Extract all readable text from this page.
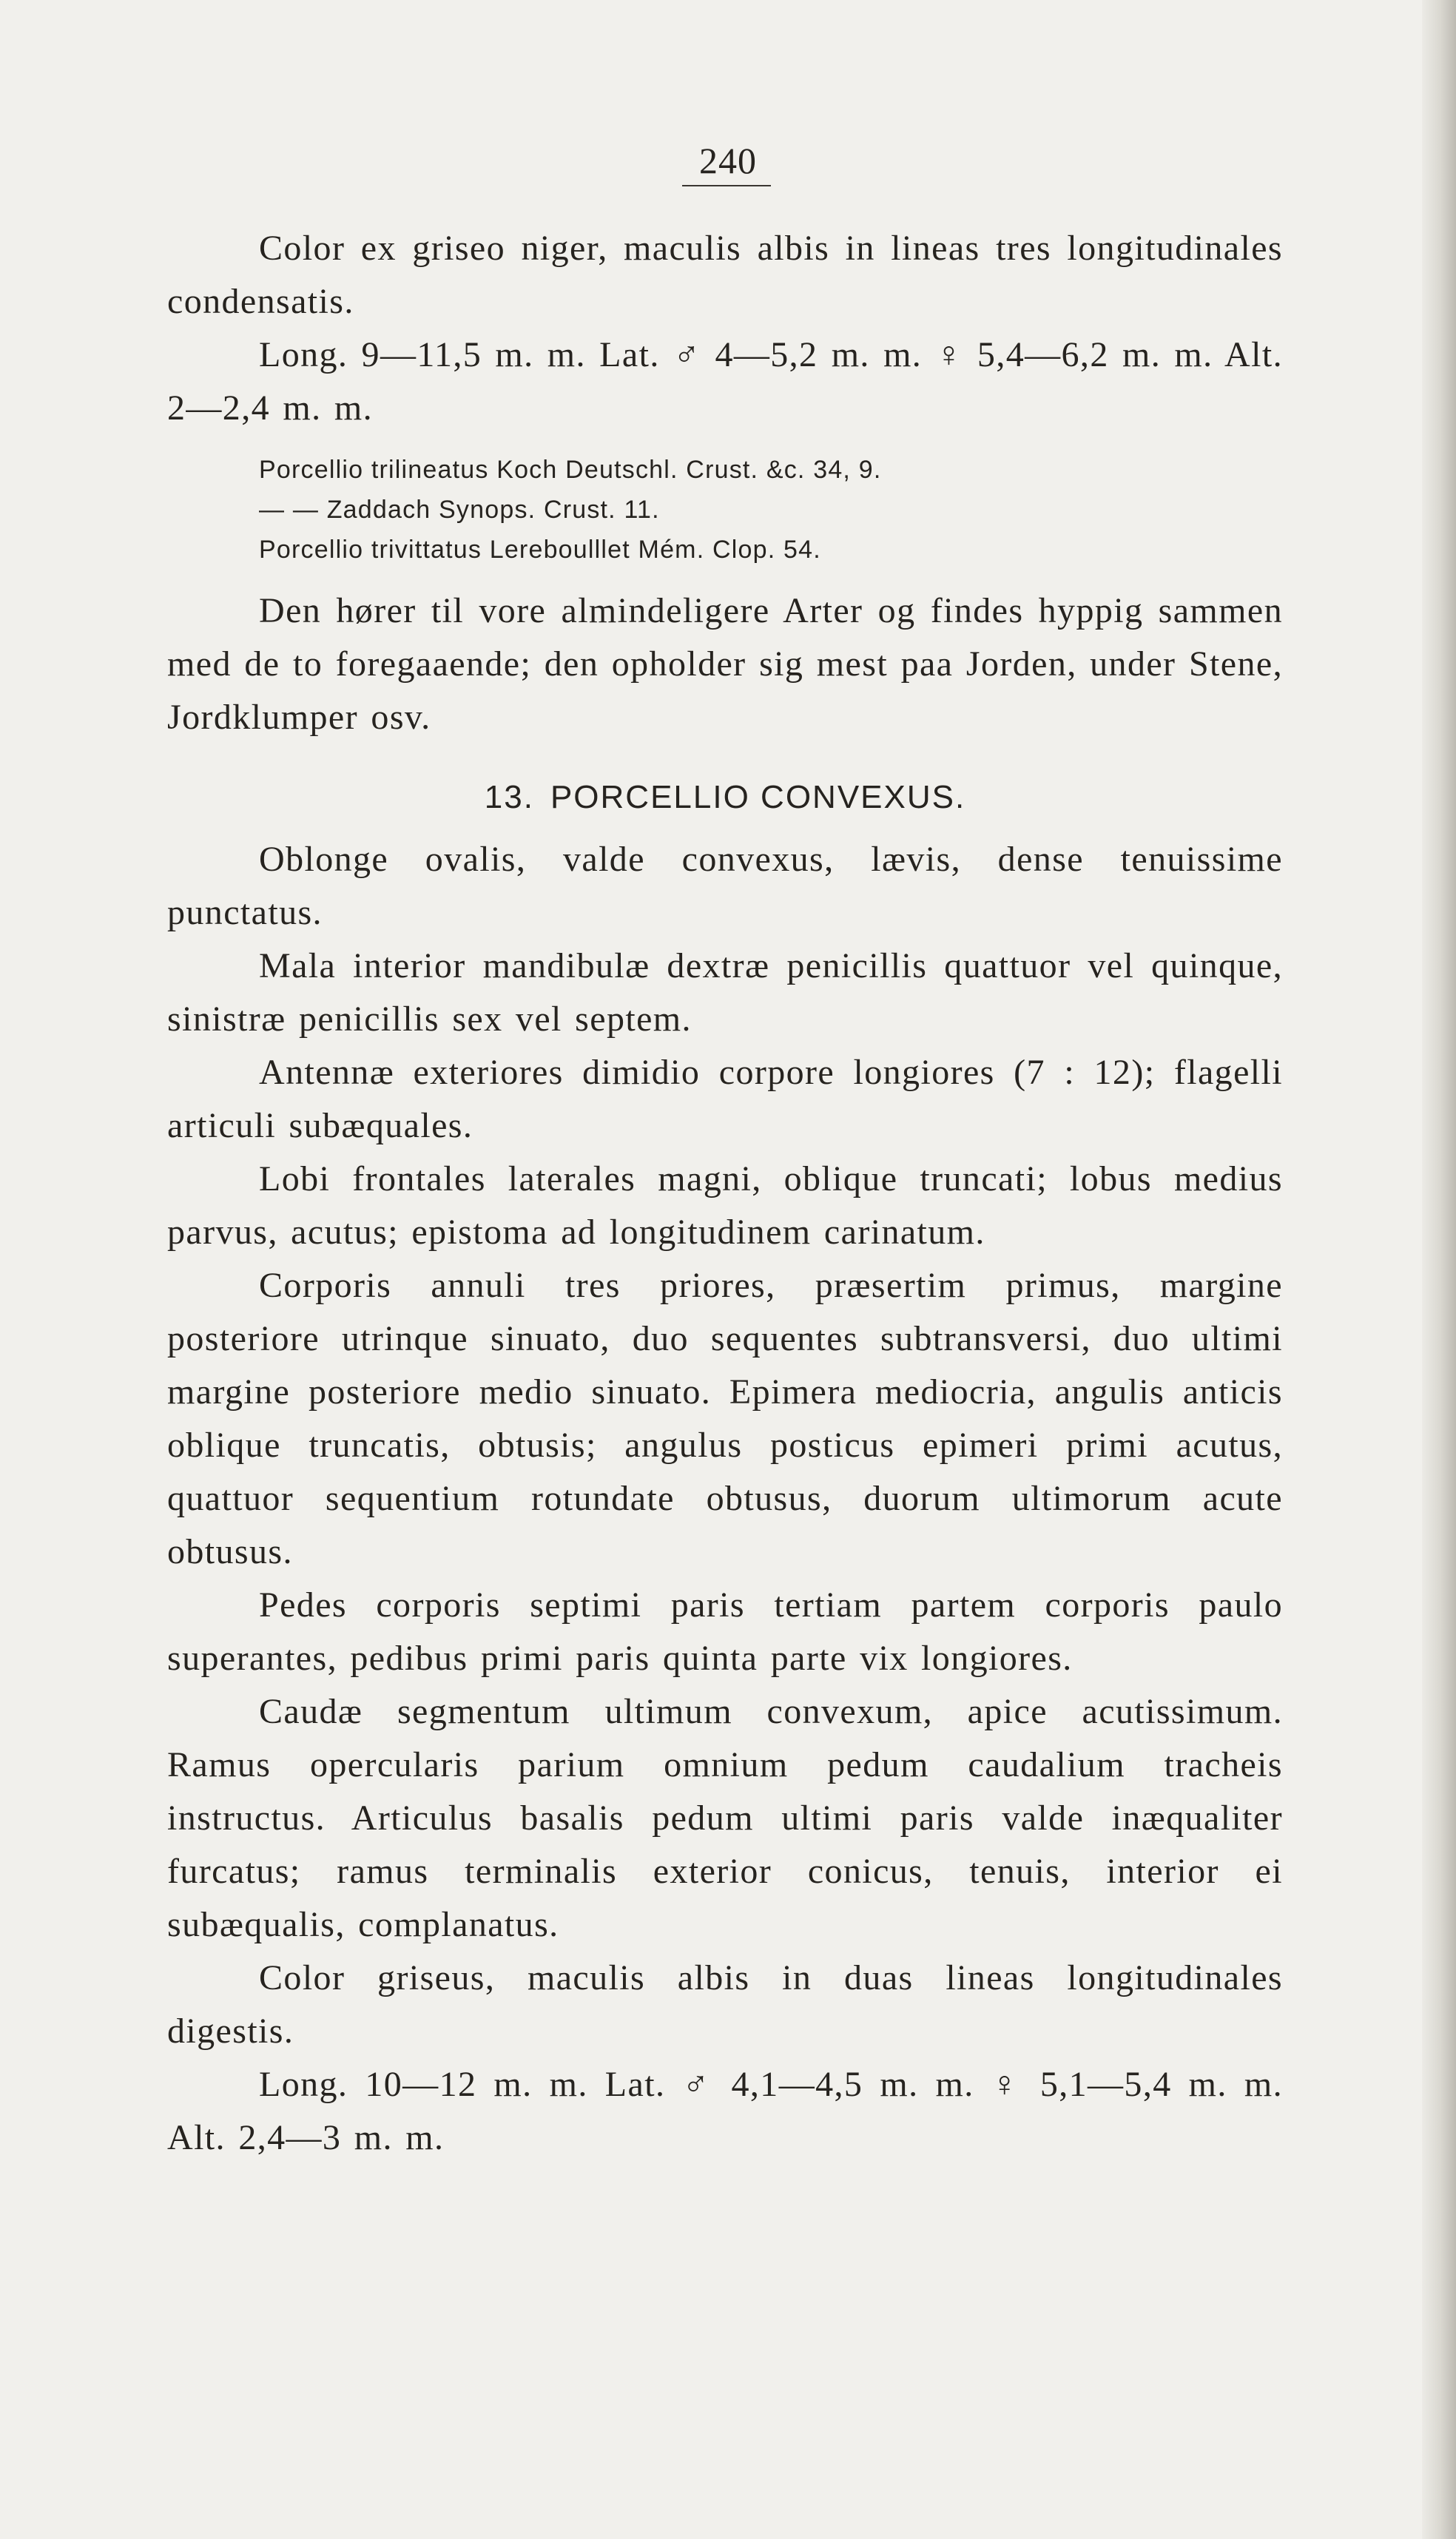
240

Color ex griseo niger, maculis albis in lineas tres longitudinales condensatis.

Long. 9—11,5 m. m. Lat. ♂ 4—5,2 m. m. ♀ 5,4—6,2 m. m. Alt. 2—2,4 m. m.

Porcellio trilineatus Koch Deutschl. Crust. &c. 34, 9.

— — Zaddach Synops. Crust. 11.

Porcellio trivittatus Lereboulllet Mém. Clop. 54.

Den hører til vore almindeligere Arter og findes hyppig sammen med de to foregaaende; den opholder sig mest paa Jorden, under Stene, Jordklumper osv.

13. PORCELLIO CONVEXUS.

Oblonge ovalis, valde convexus, lævis, dense tenuissime punctatus.

Mala interior mandibulæ dextræ penicillis quattuor vel quinque, sinistræ penicillis sex vel septem.

Antennæ exteriores dimidio corpore longiores (7 : 12); flagelli articuli subæquales.

Lobi frontales laterales magni, oblique truncati; lobus medius parvus, acutus; epistoma ad longitudinem carinatum.

Corporis annuli tres priores, præsertim primus, margine posteriore utrinque sinuato, duo sequentes subtransversi, duo ultimi margine posteriore medio sinuato. Epimera mediocria, angulis anticis oblique truncatis, obtusis; angulus posticus epimeri primi acutus, quattuor sequentium rotundate obtusus, duorum ultimorum acute obtusus.

Pedes corporis septimi paris tertiam partem corporis paulo superantes, pedibus primi paris quinta parte vix longiores.

Caudæ segmentum ultimum convexum, apice acutissimum. Ramus opercularis parium omnium pedum caudalium tracheis instructus. Articulus basalis pedum ultimi paris valde inæqualiter furcatus; ramus terminalis exterior conicus, tenuis, interior ei subæqualis, complanatus.

Color griseus, maculis albis in duas lineas longitudinales digestis.

Long. 10—12 m. m. Lat. ♂ 4,1—4,5 m. m. ♀ 5,1—5,4 m. m. Alt. 2,4—3 m. m.
